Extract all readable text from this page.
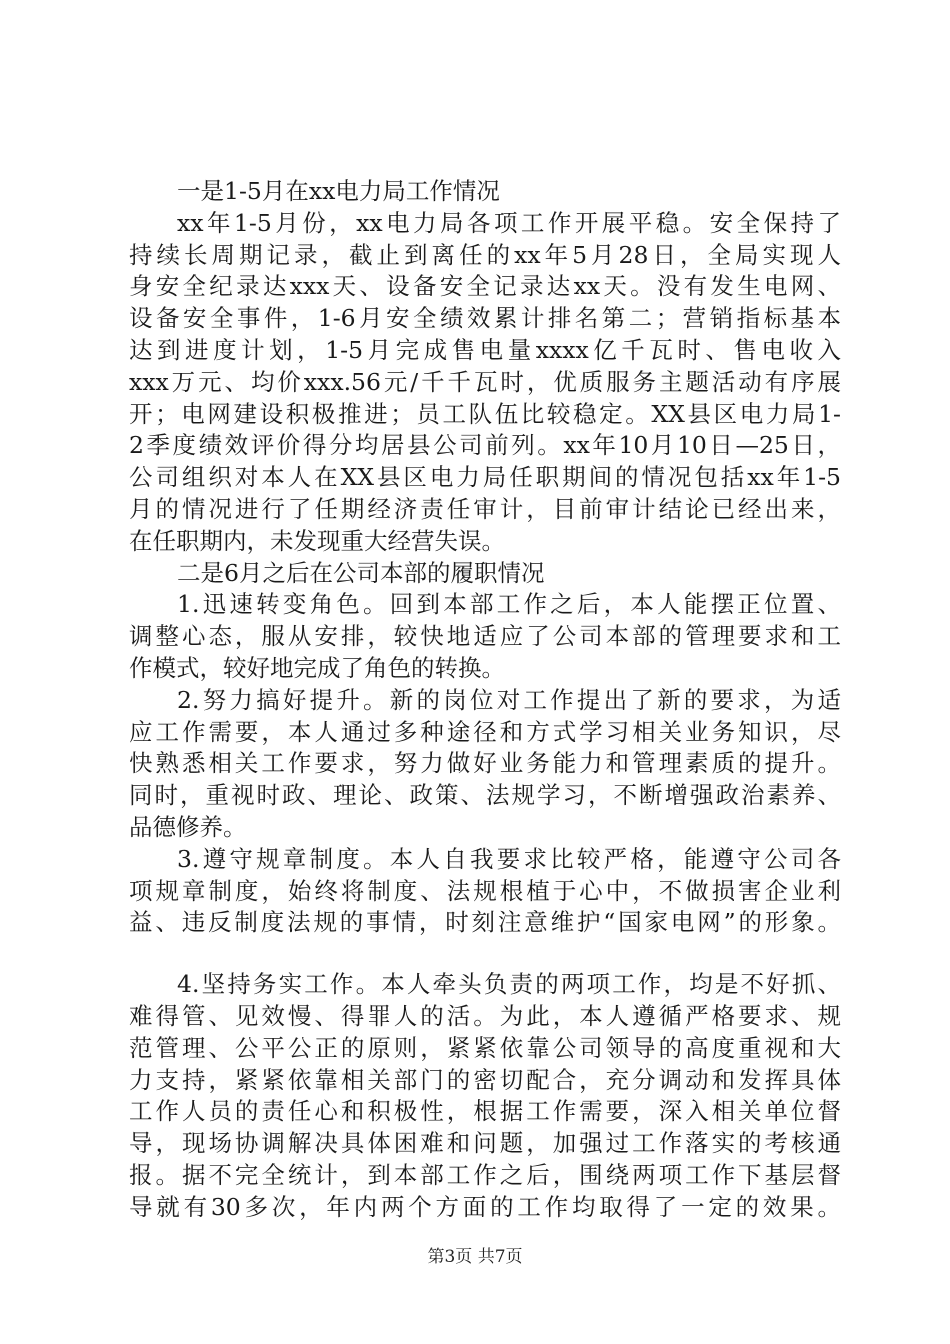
一是1-5月在xx电力局工作情况
xx年1-5月份，xx电力局各项工作开展平稳。安全保持了
持续长周期记录，截止到离任的xx年5月28日，全局实现人
身安全纪录达xxx天、设备安全记录达xx天。没有发生电网、
设备安全事件，1-6月安全绩效累计排名第二；营销指标基本
达到进度计划，1-5月完成售电量xxxx亿千瓦时、售电收入
xxx万元、均价xxx.56元/千千瓦时，优质服务主题活动有序展
开；电网建设积极推进；员工队伍比较稳定。XX县区电力局1-
2季度绩效评价得分均居县公司前列。xx年10月10日—25日，
公司组织对本人在XX县区电力局任职期间的情况包括xx年1-5
月的情况进行了任期经济责任审计，目前审计结论已经出来，
在任职期内，未发现重大经营失误。
二是6月之后在公司本部的履职情况
1.迅速转变角色。回到本部工作之后，本人能摆正位置、
调整心态，服从安排，较快地适应了公司本部的管理要求和工
作模式，较好地完成了角色的转换。
2.努力搞好提升。新的岗位对工作提出了新的要求，为适
应工作需要，本人通过多种途径和方式学习相关业务知识，尽
快熟悉相关工作要求，努力做好业务能力和管理素质的提升。
同时，重视时政、理论、政策、法规学习，不断增强政治素养、
品德修养。
3.遵守规章制度。本人自我要求比较严格，能遵守公司各
项规章制度，始终将制度、法规根植于心中，不做损害企业利
益、违反制度法规的事情，时刻注意维护“国家电网”的形象。
4.坚持务实工作。本人牵头负责的两项工作，均是不好抓、
难得管、见效慢、得罪人的活。为此，本人遵循严格要求、规
范管理、公平公正的原则，紧紧依靠公司领导的高度重视和大
力支持，紧紧依靠相关部门的密切配合，充分调动和发挥具体
工作人员的责任心和积极性，根据工作需要，深入相关单位督
导，现场协调解决具体困难和问题，加强过工作落实的考核通
报。据不完全统计，到本部工作之后，围绕两项工作下基层督
导就有30多次，年内两个方面的工作均取得了一定的效果。
第3页 共7页
